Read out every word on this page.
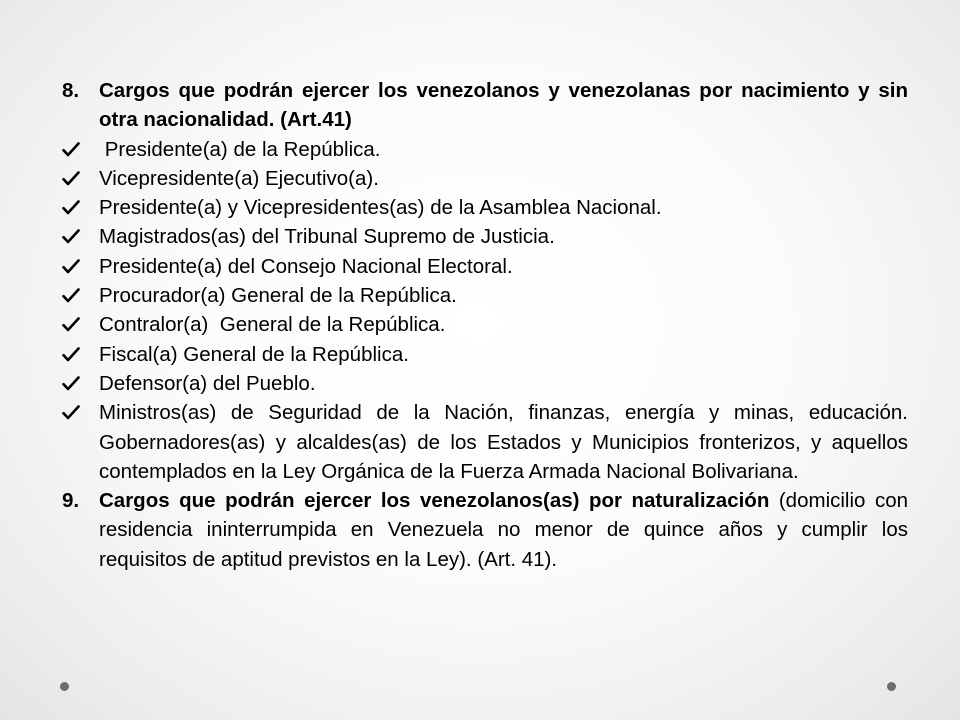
8. Cargos que podrán ejercer los venezolanos y venezolanas por nacimiento y sin otra nacionalidad. (Art.41)
Presidente(a) de la República.
Vicepresidente(a) Ejecutivo(a).
Presidente(a) y Vicepresidentes(as) de la Asamblea Nacional.
Magistrados(as) del Tribunal Supremo de Justicia.
Presidente(a) del Consejo Nacional Electoral.
Procurador(a) General de la República.
Contralor(a)  General de la República.
Fiscal(a) General de la República.
Defensor(a) del Pueblo.
Ministros(as) de Seguridad de la Nación, finanzas, energía y minas, educación. Gobernadores(as) y alcaldes(as) de los Estados y Municipios fronterizos, y aquellos contemplados en la Ley Orgánica de la Fuerza Armada Nacional Bolivariana.
9. Cargos que podrán ejercer los venezolanos(as) por naturalización (domicilio con residencia ininterrumpida en Venezuela no menor de quince años y cumplir los requisitos de aptitud previstos en la Ley). (Art. 41).
